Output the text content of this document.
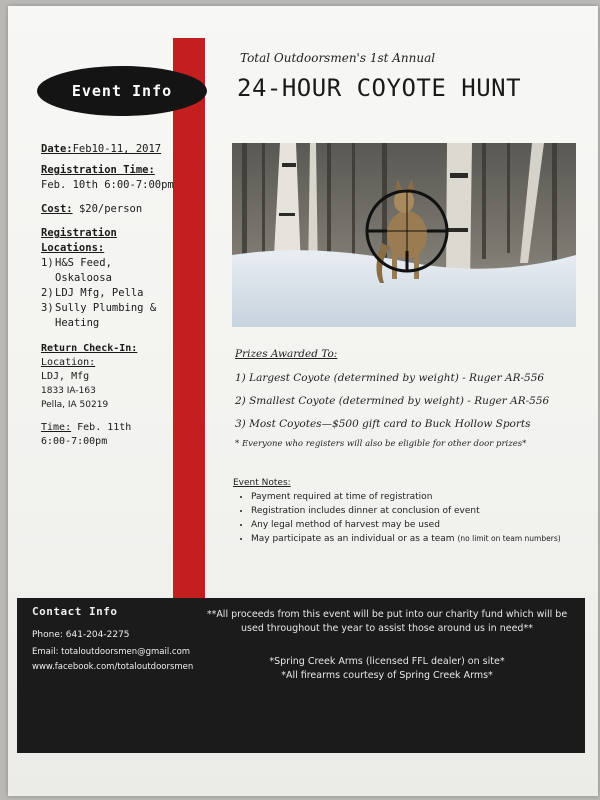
Event Info
Total Outdoorsmen's 1st Annual
24-HOUR COYOTE HUNT
Date:Feb10-11, 2017
Registration Time:
Feb. 10th 6:00-7:00pm
Cost: $20/person
Registration Locations:
1) H&S Feed, Oskaloosa
2) LDJ Mfg, Pella
3) Sully Plumbing & Heating
Return Check-In:
Location:
LDJ, Mfg
1833 IA-163
Pella, IA 50219
Time: Feb. 11th
6:00-7:00pm
Prizes Awarded To:
1) Largest Coyote (determined by weight) - Ruger AR-556
2) Smallest Coyote (determined by weight) - Ruger AR-556
3) Most Coyotes—$500 gift card to Buck Hollow Sports
* Everyone who registers will also be eligible for other door prizes*
Event Notes:
• Payment required at time of registration
• Registration includes dinner at conclusion of event
• Any legal method of harvest may be used
• May participate as an individual or as a team (no limit on team numbers)
Contact Info
Phone: 641-204-2275
Email: totaloutdoorsmen@gmail.com
www.facebook.com/totaloutdoorsmen
**All proceeds from this event will be put into our charity fund which will be used throughout the year to assist those around us in need**
*Spring Creek Arms (licensed FFL dealer) on site*
*All firearms courtesy of Spring Creek Arms*
